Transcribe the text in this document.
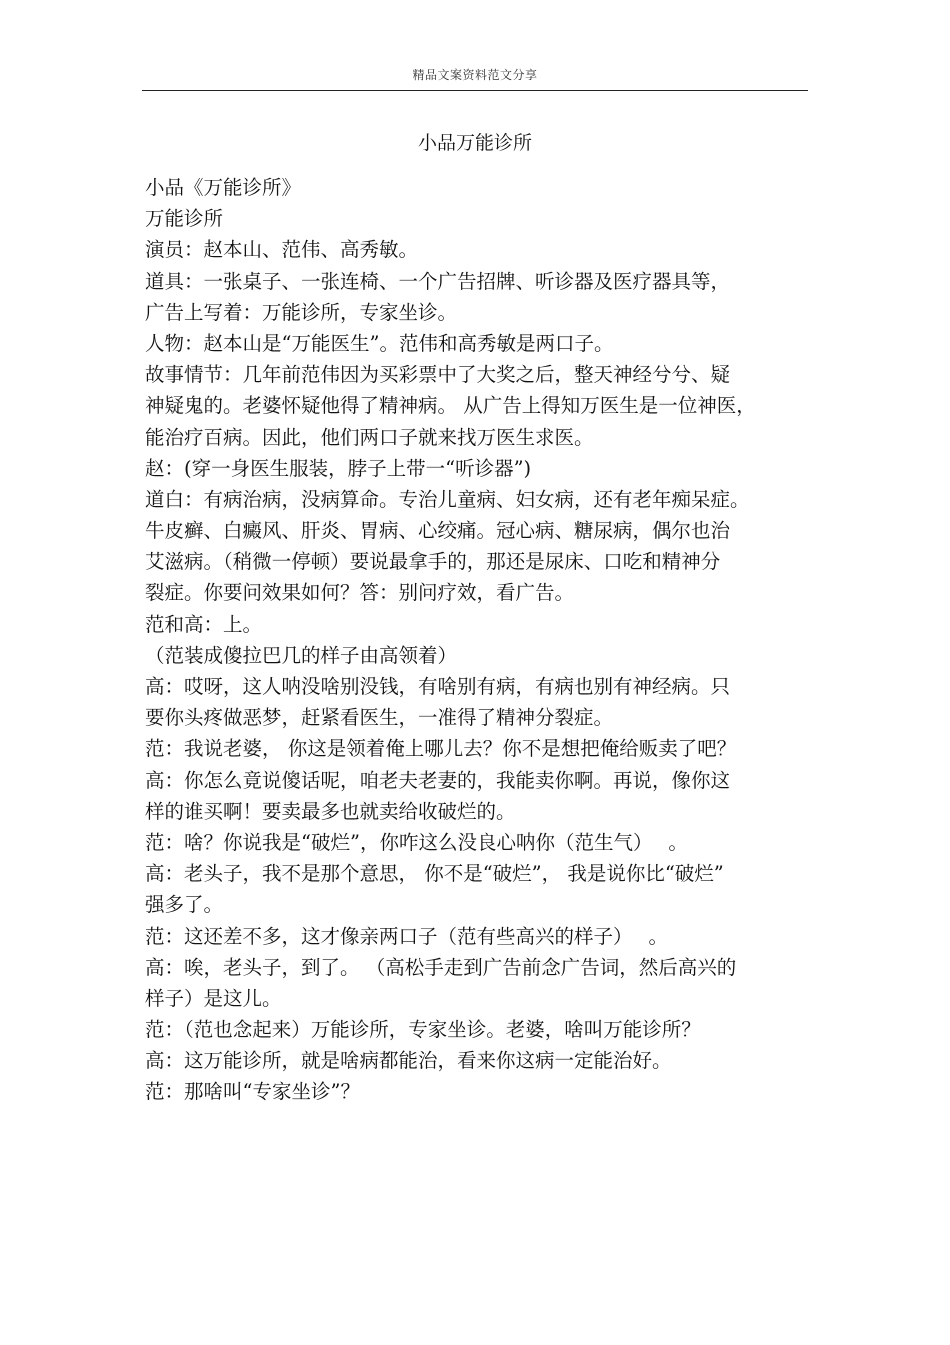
精品文案资料范文分享
小品万能诊所
小品《万能诊所》
万能诊所
演员：赵本山、范伟、高秀敏。
道具：一张桌子、一张连椅、一个广告招牌、听诊器及医疗器具等，
广告上写着：万能诊所，专家坐诊。
人物：赵本山是“万能医生”。范伟和高秀敏是两口子。
故事情节：几年前范伟因为买彩票中了大奖之后，整天神经兮兮、疑
神疑鬼的。老婆怀疑他得了精神病。 从广告上得知万医生是一位神医，
能治疗百病。因此，他们两口子就来找万医生求医。
赵：(穿一身医生服装，脖子上带一“听诊器”)
道白：有病治病，没病算命。专治儿童病、妇女病，还有老年痴呆症。
牛皮癣、白癜风、肝炎、胃病、心绞痛。冠心病、糖尿病，偶尔也治
艾滋病。（稍微一停顿）要说最拿手的，那还是尿床、口吃和精神分
裂症。你要问效果如何？答：别问疗效，看广告。
范和高：上。
（范装成傻拉巴几的样子由高领着）
高：哎呀，这人呐没啥别没钱，有啥别有病，有病也别有神经病。只
要你头疼做恶梦，赶紧看医生，一准得了精神分裂症。
范：我说老婆， 你这是领着俺上哪儿去？你不是想把俺给贩卖了吧？
高：你怎么竟说傻话呢，咱老夫老妻的，我能卖你啊。再说，像你这
样的谁买啊！要卖最多也就卖给收破烂的。
范：啥？你说我是“破烂”，你咋这么没良心呐你（范生气）　 。
高：老头子，我不是那个意思， 你不是“破烂”， 我是说你比“破烂”
强多了。
范：这还差不多，这才像亲两口子（范有些高兴的样子）　 。
高：唉，老头子，到了。 （高松手走到广告前念广告词，然后高兴的
样子）是这儿。
范：（范也念起来）万能诊所，专家坐诊。老婆，啥叫万能诊所？
高：这万能诊所，就是啥病都能治，看来你这病一定能治好。
范：那啥叫“专家坐诊”？
